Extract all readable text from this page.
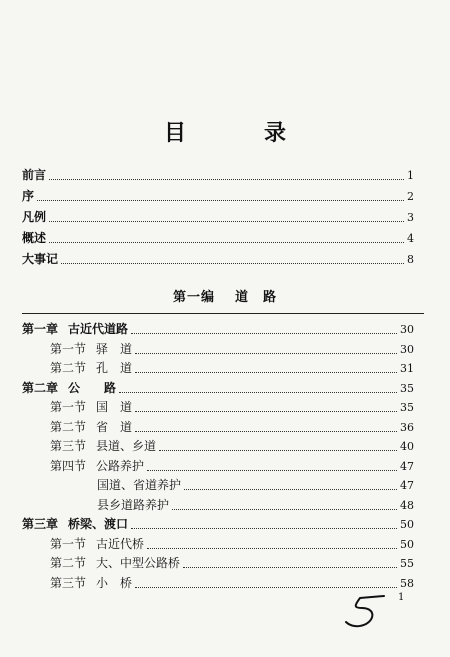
目　录
前言	1
序	2
凡例	3
概述	4
大事记	8
第一编 道　路
第一章 古近代道路	30
第一节 驿　道	30
第二节 孔　道	31
第二章 公　　路	35
第一节 国　道	35
第二节 省　道	36
第三节 县道、乡道	40
第四节 公路养护	47
国道、省道养护	47
县乡道路养护	48
第三章 桥梁、渡口	50
第一节 古近代桥	50
第二节 大、中型公路桥	55
第三节 小　桥	58
1
